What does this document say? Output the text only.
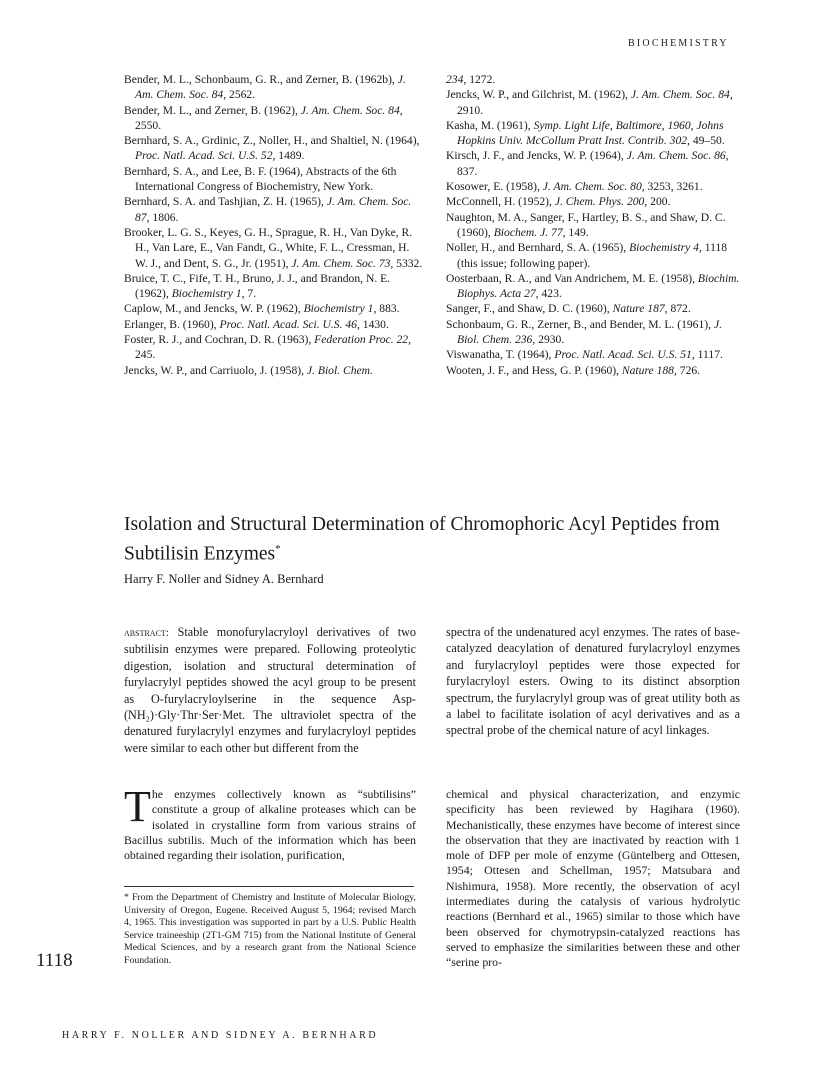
BIOCHEMISTRY
Bender, M. L., Schonbaum, G. R., and Zerner, B. (1962b), J. Am. Chem. Soc. 84, 2562.
Bender, M. L., and Zerner, B. (1962), J. Am. Chem. Soc. 84, 2550.
Bernhard, S. A., Grdinic, Z., Noller, H., and Shaltiel, N. (1964), Proc. Natl. Acad. Sci. U.S. 52, 1489.
Bernhard, S. A., and Lee, B. F. (1964), Abstracts of the 6th International Congress of Biochemistry, New York.
Bernhard, S. A. and Tashjian, Z. H. (1965), J. Am. Chem. Soc. 87, 1806.
Brooker, L. G. S., Keyes, G. H., Sprague, R. H., Van Dyke, R. H., Van Lare, E., Van Fandt, G., White, F. L., Cressman, H. W. J., and Dent, S. G., Jr. (1951), J. Am. Chem. Soc. 73, 5332.
Bruice, T. C., Fife, T. H., Bruno, J. J., and Brandon, N. E. (1962), Biochemistry 1, 7.
Caplow, M., and Jencks, W. P. (1962), Biochemistry 1, 883.
Erlanger, B. (1960), Proc. Natl. Acad. Sci. U.S. 46, 1430.
Foster, R. J., and Cochran, D. R. (1963), Federation Proc. 22, 245.
Jencks, W. P., and Carriuolo, J. (1958), J. Biol. Chem.
234, 1272.
Jencks, W. P., and Gilchrist, M. (1962), J. Am. Chem. Soc. 84, 2910.
Kasha, M. (1961), Symp. Light Life, Baltimore, 1960, Johns Hopkins Univ. McCollum Pratt Inst. Contrib. 302, 49–50.
Kirsch, J. F., and Jencks, W. P. (1964), J. Am. Chem. Soc. 86, 837.
Kosower, E. (1958), J. Am. Chem. Soc. 80, 3253, 3261.
McConnell, H. (1952), J. Chem. Phys. 200, 200.
Naughton, M. A., Sanger, F., Hartley, B. S., and Shaw, D. C. (1960), Biochem. J. 77, 149.
Noller, H., and Bernhard, S. A. (1965), Biochemistry 4, 1118 (this issue; following paper).
Oosterbaan, R. A., and Van Andrichem, M. E. (1958), Biochim. Biophys. Acta 27, 423.
Sanger, F., and Shaw, D. C. (1960), Nature 187, 872.
Schonbaum, G. R., Zerner, B., and Bender, M. L. (1961), J. Biol. Chem. 236, 2930.
Viswanatha, T. (1964), Proc. Natl. Acad. Sci. U.S. 51, 1117.
Wooten, J. F., and Hess, G. P. (1960), Nature 188, 726.
Isolation and Structural Determination of Chromophoric Acyl Peptides from Subtilisin Enzymes*
Harry F. Noller and Sidney A. Bernhard
abstract: Stable monofurylacryloyl derivatives of two subtilisin enzymes were prepared. Following proteolytic digestion, isolation and structural determination of furylacrylyl peptides showed the acyl group to be present as O-furylacryloylserine in the sequence Asp-(NH₂)·Gly·Thr·Ser·Met. The ultraviolet spectra of the denatured furylacrylyl enzymes and furylacryloyl peptides were similar to each other but different from the
spectra of the undenatured acyl enzymes. The rates of base-catalyzed deacylation of denatured furylacryloyl enzymes and furylacryloyl peptides were those expected for furylacryloyl esters. Owing to its distinct absorption spectrum, the furylacrylyl group was of great utility both as a label to facilitate isolation of acyl derivatives and as a spectral probe of the chemical nature of acyl linkages.
The enzymes collectively known as “subtilisins” constitute a group of alkaline proteases which can be isolated in crystalline form from various strains of Bacillus subtilis. Much of the information which has been obtained regarding their isolation, purification,
chemical and physical characterization, and enzymic specificity has been reviewed by Hagihara (1960). Mechanistically, these enzymes have become of interest since the observation that they are inactivated by reaction with 1 mole of DFP per mole of enzyme (Güntelberg and Ottesen, 1954; Ottesen and Schellman, 1957; Matsubara and Nishimura, 1958). More recently, the observation of acyl intermediates during the catalysis of various hydrolytic reactions (Bernhard et al., 1965) similar to those which have been observed for chymotrypsin-catalyzed reactions has served to emphasize the similarities between these and other “serine pro-
* From the Department of Chemistry and Institute of Molecular Biology, University of Oregon, Eugene. Received August 5, 1964; revised March 4, 1965. This investigation was supported in part by a U.S. Public Health Service traineeship (2T1-GM 715) from the National Institute of General Medical Sciences, and by a research grant from the National Science Foundation.
1118
HARRY F. NOLLER AND SIDNEY A. BERNHARD
